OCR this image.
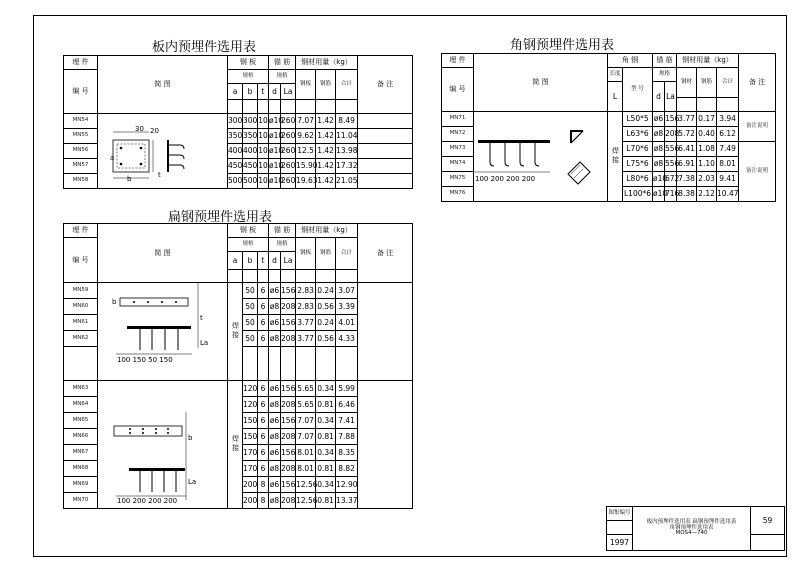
板内预埋件选用表
埋 件	简 图	钢 板			锚 筋		钢材用量（kg）			备 注
编 号		规格			规格		钢板	钢筋	合计	
		a	b	t	d	La				

MN54		300	300	10	ø10	260	7.07	1.42	8.49	
MN55		350	350	10	ø10	260	9.62	1.42	11.04	
MN56		400	400	10	ø10	260	12.5	1.42	13.98	
MN57		450	450	10	ø10	260	15.90	1.42	17.32	
MN58		500	500	10	ø10	260	19.63	1.42	21.05	
30 20
a
b	t
扁钢预埋件选用表
埋 件	简 图	钢 板			锚 筋		钢材用量（kg）			备 注
编 号		规格			规格		钢板	钢筋	合计	
		a	b	t	d	La				

MN59		焊接	50	6	ø6	156	2.83	0.24	3.07	
MN60			50	6	ø8	208	2.83	0.56	3.39	
MN61			50	6	ø6	156	3.77	0.24	4.01	
MN62			50	6	ø8	208	3.77	0.56	4.33	

MN63		焊接	120	6	ø6	156	5.65	0.34	5.99	
MN64			120	6	ø8	208	5.65	0.81	6.46	
MN65			150	6	ø6	156	7.07	0.34	7.41	
MN66			150	6	ø8	208	7.07	0.81	7.88	
MN67			170	6	ø6	156	8.01	0.34	8.35	
MN68			170	6	ø8	208	8.01	0.81	8.82	
MN69			200	8	ø6	156	12.56	0.34	12.90	
MN70			200	8	ø8	208	12.56	0.81	13.37	
b
t
La
100 150 50 150
b
La
100 200 200 200
角钢预埋件选用表
埋 件	简 图	角 钢		锚 筋		钢材用量（kg）			备 注
编 号		长度	型 号	规格		钢材	钢筋	合计	
		L		d	La				

MN71		焊接	L50*5	ø6	156	3.77	0.17	3.94	备注说明
MN72			L63*6	ø8	208	5.72	0.40	6.12	
MN73			L70*6	ø8	556	6.41	1.08	7.49	备注说明
MN74			L75*6	ø8	556	6.91	1.10	8.01	
MN75			L80*6	ø10	672	7.38	2.03	9.41	
MN76			L100*6	ø10	716	8.38	2.12	10.47	
100 200 200 200
图集编号	板内预埋件选用表 扁钢预埋件选用表
角钢预埋件选用表
MOS4—740	59

1997		
